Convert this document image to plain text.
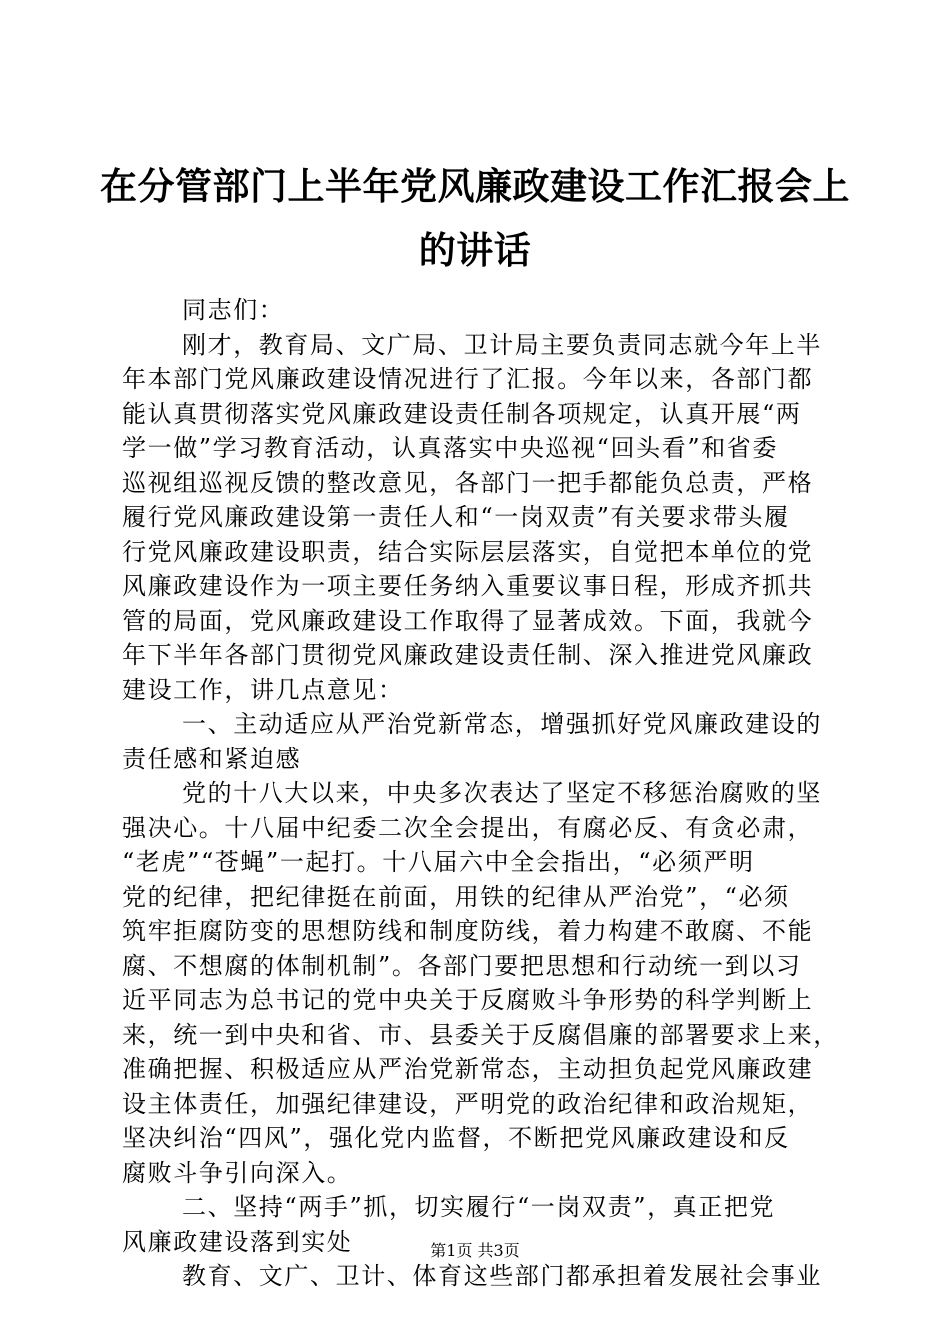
在分管部门上半年党风廉政建设工作汇报会上
的讲话
同志们：
刚才，教育局、文广局、卫计局主要负责同志就今年上半
年本部门党风廉政建设情况进行了汇报。今年以来，各部门都
能认真贯彻落实党风廉政建设责任制各项规定，认真开展“两
学一做”学习教育活动，认真落实中央巡视“回头看”和省委
巡视组巡视反馈的整改意见，各部门一把手都能负总责，严格
履行党风廉政建设第一责任人和“一岗双责”有关要求带头履
行党风廉政建设职责，结合实际层层落实，自觉把本单位的党
风廉政建设作为一项主要任务纳入重要议事日程，形成齐抓共
管的局面，党风廉政建设工作取得了显著成效。下面，我就今
年下半年各部门贯彻党风廉政建设责任制、深入推进党风廉政
建设工作，讲几点意见：
一、主动适应从严治党新常态，增强抓好党风廉政建设的
责任感和紧迫感
党的十八大以来，中央多次表达了坚定不移惩治腐败的坚
强决心。十八届中纪委二次全会提出，有腐必反、有贪必肃，
“老虎”“苍蝇”一起打。十八届六中全会指出，“必须严明
党的纪律，把纪律挺在前面，用铁的纪律从严治党”，“必须
筑牢拒腐防变的思想防线和制度防线，着力构建不敢腐、不能
腐、不想腐的体制机制”。各部门要把思想和行动统一到以习
近平同志为总书记的党中央关于反腐败斗争形势的科学判断上
来，统一到中央和省、市、县委关于反腐倡廉的部署要求上来，
准确把握、积极适应从严治党新常态，主动担负起党风廉政建
设主体责任，加强纪律建设，严明党的政治纪律和政治规矩，
坚决纠治“四风”，强化党内监督，不断把党风廉政建设和反
腐败斗争引向深入。
二、坚持“两手”抓，切实履行“一岗双责”，真正把党
风廉政建设落到实处
教育、文广、卫计、体育这些部门都承担着发展社会事业
第1页 共3页
